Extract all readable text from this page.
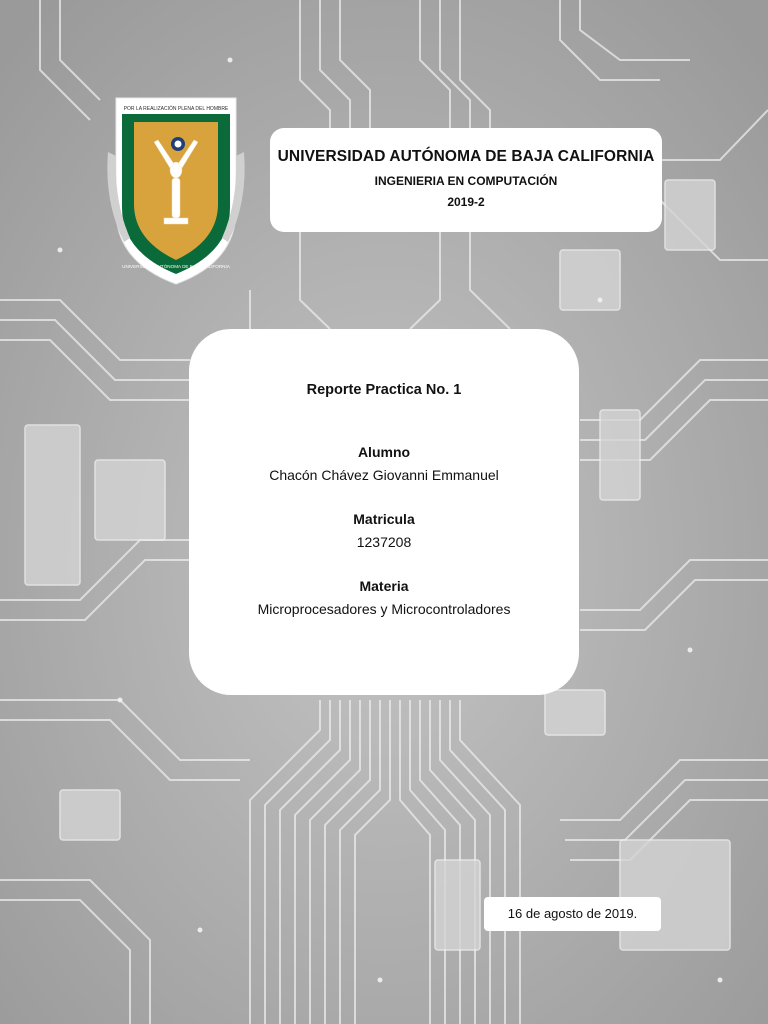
POR LA REALIZACIÓN PLENA DEL HOMBRE
UNIVERSIDAD AUTÓNOMA DE BAJA CALIFORNIA
UNIVERSIDAD AUTÓNOMA DE BAJA CALIFORNIA
INGENIERIA EN COMPUTACIÓN
2019-2
Reporte Practica No. 1
Alumno
Chacón Chávez Giovanni Emmanuel
Matricula
1237208
Materia
Microprocesadores y Microcontroladores
16 de agosto de 2019.
